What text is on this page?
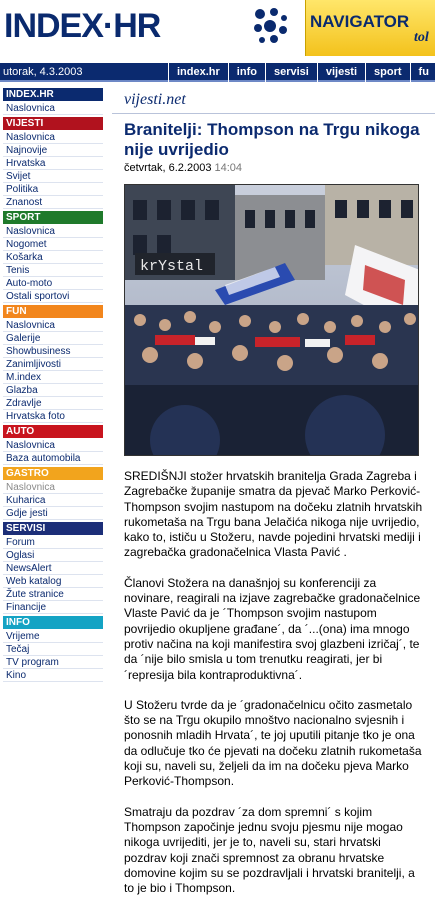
INDEX·HR	NAVIGATOR
tol
utorak, 4.3.2003	index.hr	info	servisi	vijesti	sport	fu
INDEX.HR
Naslovnica
VIJESTI
Naslovnica
Najnovije
Hrvatska
Svijet
Politika
Znanost
SPORT
Naslovnica
Nogomet
Košarka
Tenis
Auto-moto
Ostali sportovi
FUN
Naslovnica
Galerije
Showbusiness
Zanimljivosti
M.index
Glazba
Zdravlje
Hrvatska foto
AUTO
Naslovnica
Baza automobila
GASTRO
Naslovnica
Kuharica
Gdje jesti
SERVISI
Forum
Oglasi
NewsAlert
Web katalog
Žute stranice
Financije
INFO
Vrijeme
Tečaj
TV program
Kino
vijesti.net
Branitelji: Thompson na Trgu nikoga nije uvrijedio
četvrtak, 6.2.2003 14:04
krYstal

SREDIŠNJI stožer hrvatskih branitelja Grada Zagreba i Zagrebačke županije smatra da pjevač Marko Perković-Thompson svojim nastupom na dočeku zlatnih hrvatskih rukometaša na Trgu bana Jelačića nikoga nije uvrijedio, kako to, ističu u Stožeru, navde pojedini hrvatski mediji i zagrebačka gradonačelnica Vlasta Pavić .

Članovi Stožera na današnjoj su konferenciji za novinare, reagirali na izjave zagrebačke gradonačelnice Vlaste Pavić da je ´Thompson svojim nastupom povrijedio okupljene građane´, da ´...(ona) ima mnogo protiv načina na koji manifestira svoj glazbeni izričaj´, te da ´nije bilo smisla u tom trenutku reagirati, jer bi ´represija bila kontraproduktivna´.

U Stožeru tvrde da je ´gradonačelnicu očito zasmetalo što se na Trgu okupilo mnoštvo nacionalno svjesnih i ponosnih mladih Hrvata´, te joj uputili pitanje tko je ona da odlučuje tko će pjevati na dočeku zlatnih rukometaša koji su, naveli su, željeli da im na dočeku pjeva Marko Perković-Thompson.

Smatraju da pozdrav ´za dom spremni´ s kojim Thompson započinje jednu svoju pjesmu nije mogao nikoga uvrijediti, jer je to, naveli su, stari hrvatski pozdrav koji znači spremnost za obranu hrvatske domovine kojim su se pozdravljali i hrvatski branitelji, a to je bio i Thompson.
